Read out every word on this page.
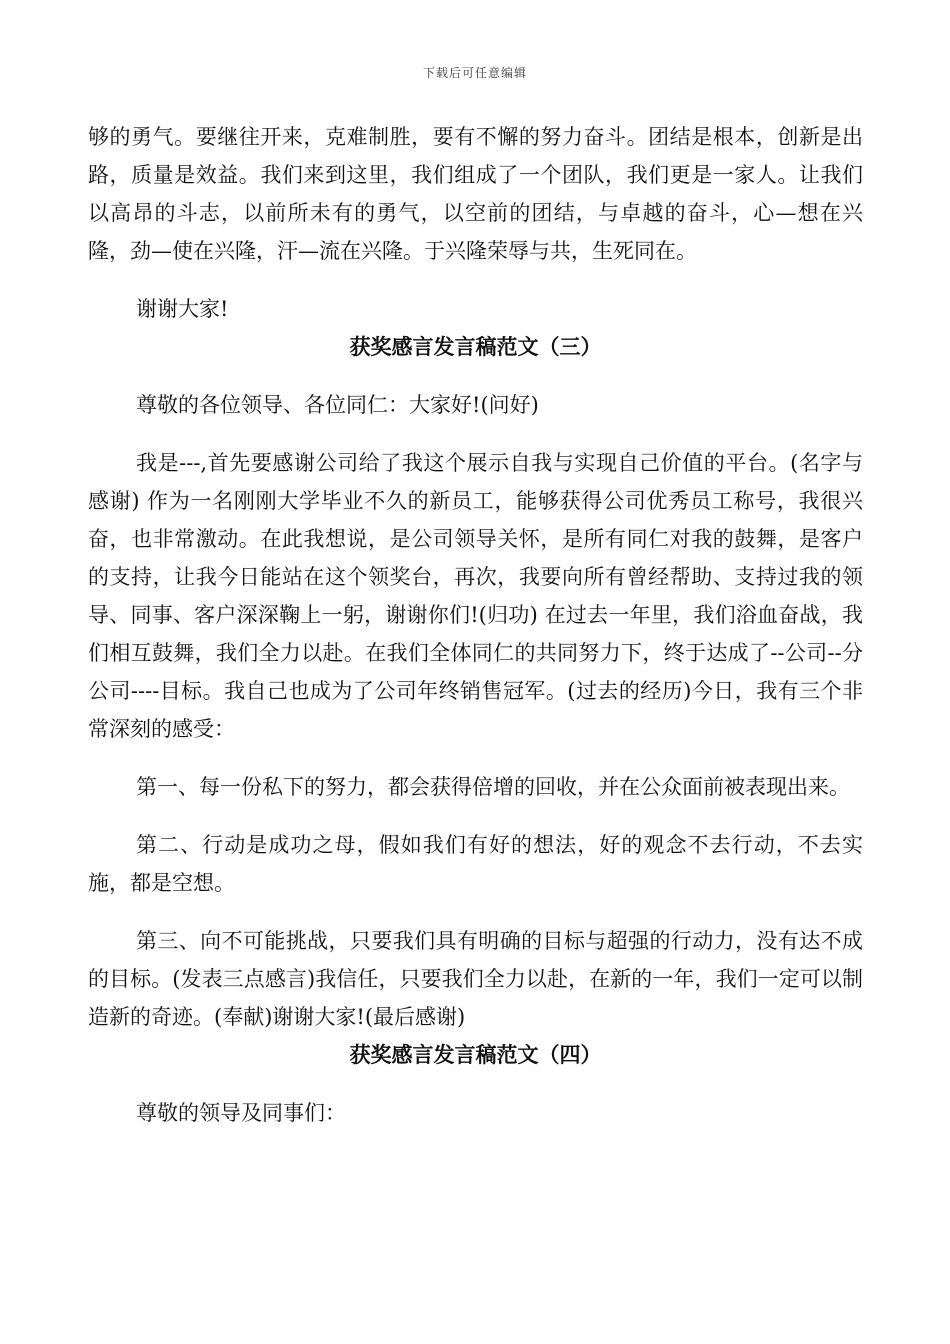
下载后可任意编辑

够的勇气。要继往开来，克难制胜，要有不懈的努力奋斗。团结是根本，创新是出路，质量是效益。我们来到这里，我们组成了一个团队，我们更是一家人。让我们以高昂的斗志，以前所未有的勇气，以空前的团结，与卓越的奋斗，心—想在兴隆，劲—使在兴隆，汗—流在兴隆。于兴隆荣辱与共，生死同在。

谢谢大家!

获奖感言发言稿范文（三）

尊敬的各位领导、各位同仁：大家好!(问好)

我是---,首先要感谢公司给了我这个展示自我与实现自己价值的平台。(名字与感谢) 作为一名刚刚大学毕业不久的新员工，能够获得公司优秀员工称号，我很兴奋，也非常激动。在此我想说，是公司领导关怀，是所有同仁对我的鼓舞，是客户的支持，让我今日能站在这个领奖台，再次，我要向所有曾经帮助、支持过我的领导、同事、客户深深鞠上一躬，谢谢你们!(归功) 在过去一年里，我们浴血奋战，我们相互鼓舞，我们全力以赴。在我们全体同仁的共同努力下，终于达成了--公司--分公司----目标。我自己也成为了公司年终销售冠军。(过去的经历)今日，我有三个非常深刻的感受：

第一、每一份私下的努力，都会获得倍增的回收，并在公众面前被表现出来。

第二、行动是成功之母，假如我们有好的想法，好的观念不去行动，不去实施，都是空想。

第三、向不可能挑战，只要我们具有明确的目标与超强的行动力，没有达不成的目标。(发表三点感言)我信任，只要我们全力以赴，在新的一年，我们一定可以制造新的奇迹。(奉献)谢谢大家!(最后感谢)

获奖感言发言稿范文（四）

尊敬的领导及同事们：
